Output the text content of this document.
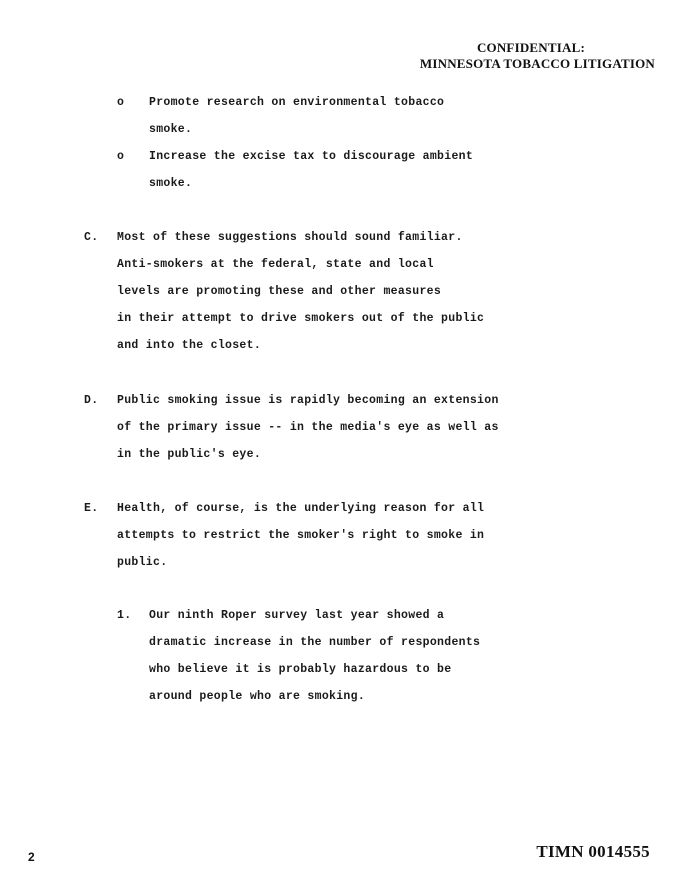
CONFIDENTIAL:
MINNESOTA TOBACCO LITIGATION
o Promote research on environmental tobacco
smoke.
o Increase the excise tax to discourage ambient
smoke.
C. Most of these suggestions should sound familiar.
Anti-smokers at the federal, state and local
levels are promoting these and other measures
in their attempt to drive smokers out of the public
and into the closet.
D. Public smoking issue is rapidly becoming an extension
of the primary issue -- in the media's eye as well as
in the public's eye.
E. Health, of course, is the underlying reason for all
attempts to restrict the smoker's right to smoke in
public.
1. Our ninth Roper survey last year showed a
dramatic increase in the number of respondents
who believe it is probably hazardous to be
around people who are smoking.
2	TIMN 0014555
